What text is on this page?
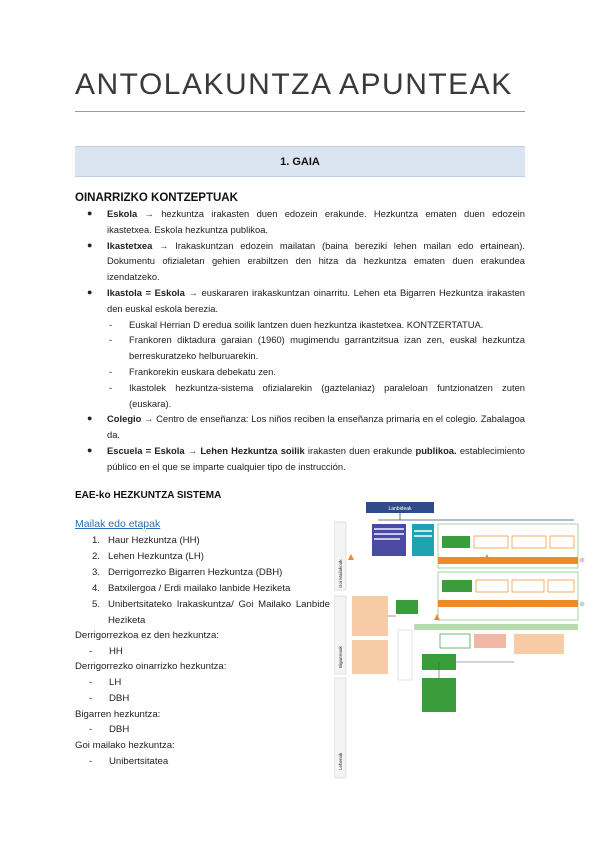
ANTOLAKUNTZA APUNTEAK
1. GAIA
OINARRIZKO KONTZEPTUAK
● Eskola → hezkuntza irakasten duen edozein erakunde. Hezkuntza ematen duen edozein ikastetxea. Eskola hezkuntza publikoa.
● Ikastetxea → Irakaskuntzan edozein mailatan (baina bereziki lehen mailan edo ertainean). Dokumentu ofizialetan gehien erabiltzen den hitza da hezkuntza ematen duen erakundea izendatzeko.
● Ikastola = Eskola → euskararen irakaskuntzan oinarritu. Lehen eta Bigarren Hezkuntza irakasten den euskal eskola berezia.
- Euskal Herrian D eredua soilik lantzen duen hezkuntza ikastetxea. KONTZERTATUA.
- Frankoren diktadura garaian (1960) mugimendu garrantzitsua izan zen, euskal hezkuntza berreskuratzeko helburuarekin.
- Frankorekin euskara debekatu zen.
- Ikastolek hezkuntza-sistema ofizialarekin (gaztelaniaz) paraleloan funtzionatzen zuten (euskara).
● Colegio → Centro de enseñanza: Los niños reciben la enseñanza primaria en el colegio. Zabalagoa da.
● Escuela = Eskola → Lehen Hezkuntza soilik irakasten duen erakunde publikoa. establecimiento público en el que se imparte cualquier tipo de instrucción.
EAE-ko HEZKUNTZA SISTEMA
Mailak edo etapak
1. Haur Hezkuntza (HH)
2. Lehen Hezkuntza (LH)
3. Derrigorrezko Bigarren Hezkuntza (DBH)
4. Batxilergoa / Erdi mailako lanbide Heziketa
5. Unibertsitateko Irakaskuntza/ Goi Mailako Lanbide Heziketa
Derrigorrezkoa ez den hezkuntza:
- HH
Derrigorrezko oinarrizko hezkuntza:
- LH
- DBH
Bigarren hezkuntza:
- DBH
Goi mailako hezkuntza:
- Unibertsitatea
Lanbideak
Goi Mailakoak
Bigarrenak
Lehenak
